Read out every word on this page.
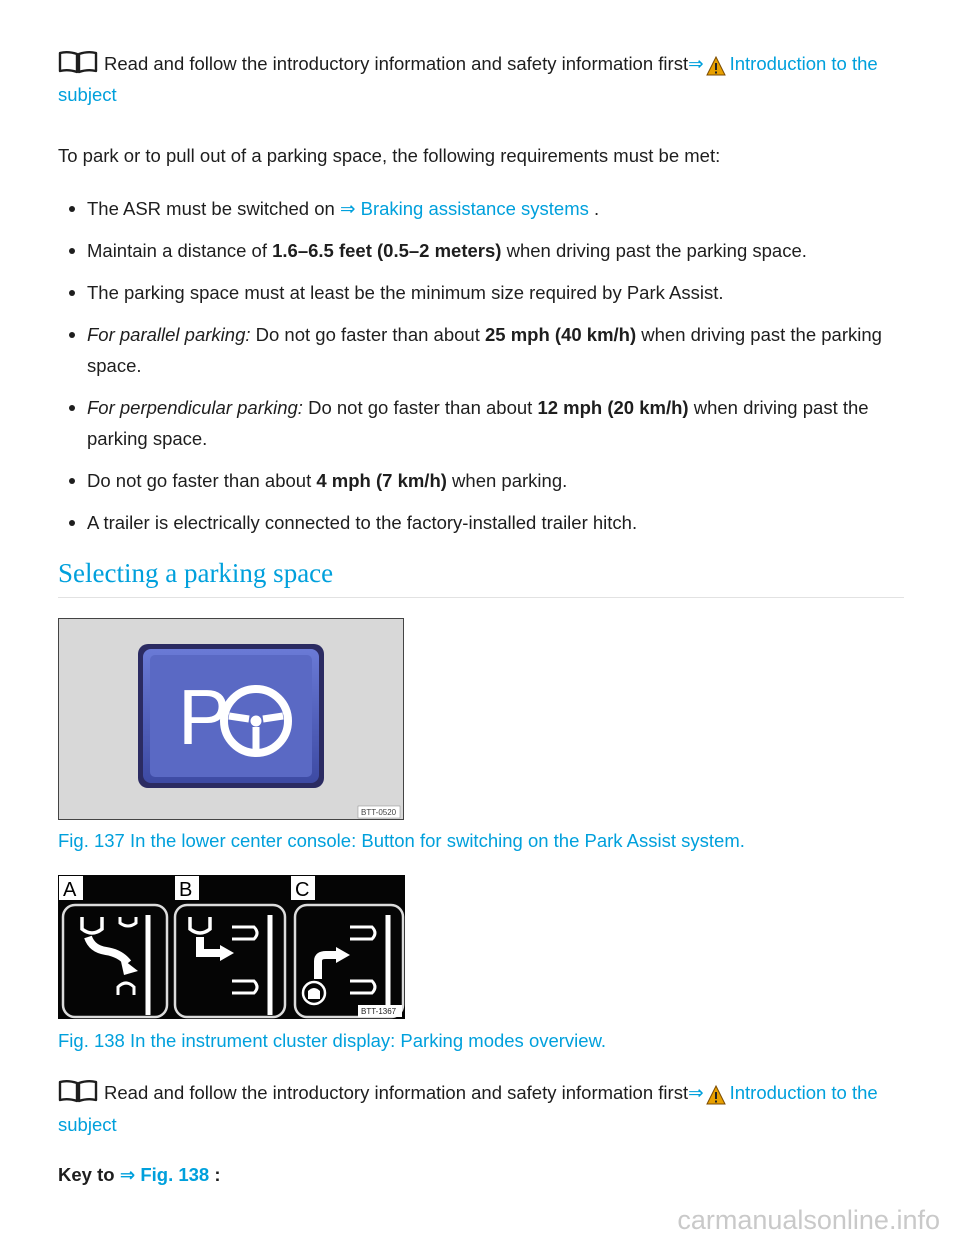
Read and follow the introductory information and safety information first⇒ Introduction to the
subject
To park or to pull out of a parking space, the following requirements must be met:
The ASR must be switched on ⇒ Braking assistance systems .
Maintain a distance of 1.6–6.5 feet (0.5–2 meters) when driving past the parking space.
The parking space must at least be the minimum size required by Park Assist.
For parallel parking: Do not go faster than about 25 mph (40 km/h) when driving past the parking
space.
For perpendicular parking: Do not go faster than about 12 mph (20 km/h) when driving past the
parking space.
Do not go faster than about 4 mph (7 km/h) when parking.
A trailer is electrically connected to the factory-installed trailer hitch.
Selecting a parking space
P
BTT-0520
Fig. 137 In the lower center console: Button for switching on the Park Assist system.
A	B	C
BTT-1367
Fig. 138 In the instrument cluster display: Parking modes overview.
Read and follow the introductory information and safety information first⇒ Introduction to the
subject
Key to ⇒ Fig. 138 :
carmanualsonline.info
